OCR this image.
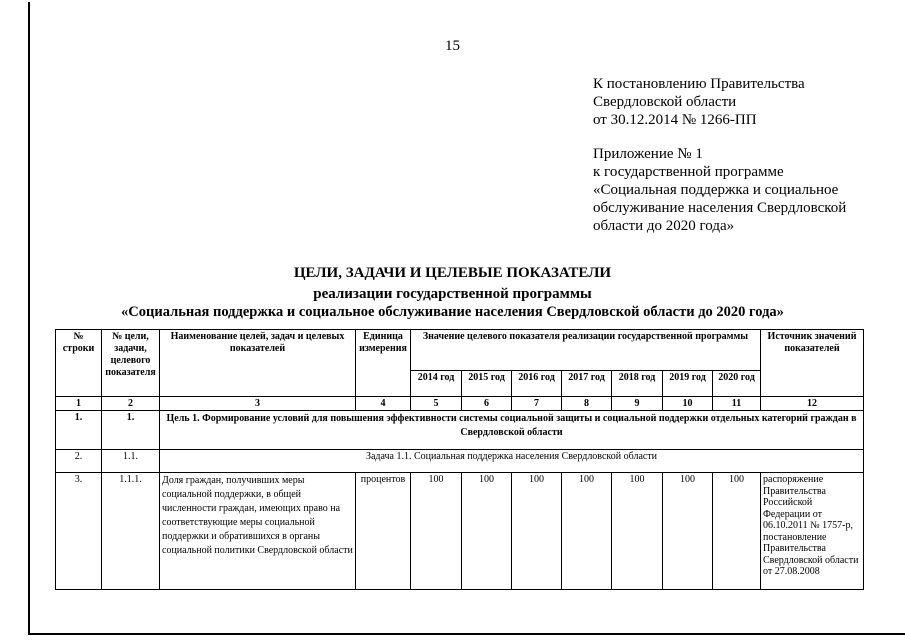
15
К постановлению Правительства
Свердловской области
от 30.12.2014 № 1266-ПП
Приложение № 1
к государственной программе
«Социальная поддержка и социальное
обслуживание населения Свердловской
области до 2020 года»
ЦЕЛИ, ЗАДАЧИ И ЦЕЛЕВЫЕ ПОКАЗАТЕЛИ
реализации государственной программы
«Социальная поддержка и социальное обслуживание населения Свердловской области до 2020 года»
№ строки	№ цели, задачи, целевого показателя	Наименование целей, задач и целевых показателей	Единица измерения	Значение целевого показателя реализации государственной программы							Источник значений показателей
				2014 год	2015 год	2016 год	2017 год	2018 год	2019 год	2020 год	
1	2	3	4	5	6	7	8	9	10	11	12
1.	1.	Цель 1. Формирование условий для повышения эффективности системы социальной защиты и социальной поддержки отдельных категорий граждан в Свердловской области									
2.	1.1.	Задача 1.1. Социальная поддержка населения Свердловской области									
3.	1.1.1.	Доля граждан, получивших меры социальной поддержки, в общей численности граждан, имеющих право на соответствующие меры социальной поддержки и обратившихся в органы социальной политики Свердловской области	процентов	100	100	100	100	100	100	100	распоряжение Правительства Российской Федерации от 06.10.2011 № 1757-р, постановление Правительства Свердловской области от 27.08.2008
